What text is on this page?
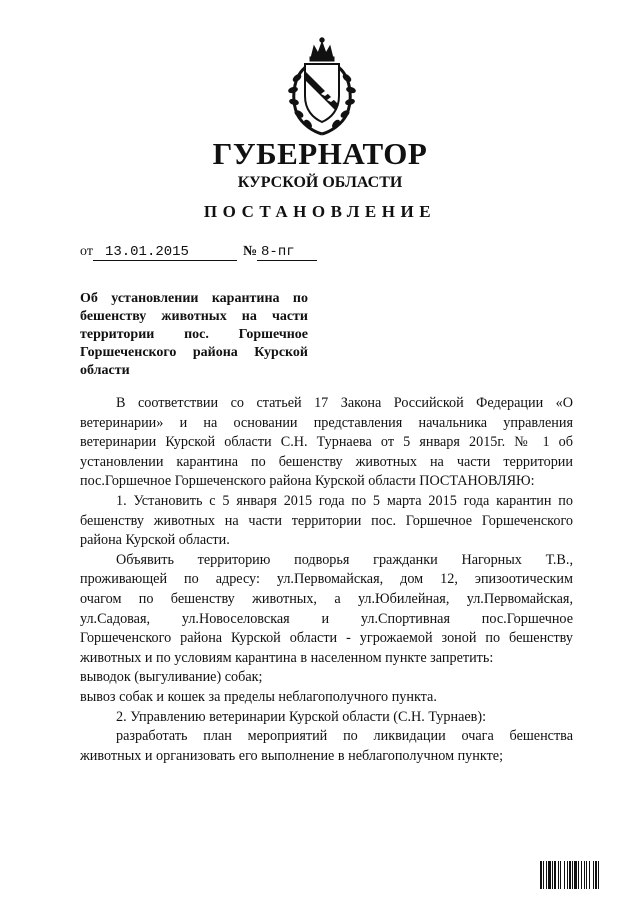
ГУБЕРНАТОР
КУРСКОЙ ОБЛАСТИ
ПОСТАНОВЛЕНИЕ
от 13.01.2015	№ 8-пг
Об установлении карантина по
бешенству животных на части
территории пос. Горшечное
Горшеченского района Курской
области
В соответствии со статьей 17 Закона Российской Федерации «О
ветеринарии» и на основании представления начальника управления
ветеринарии Курской области С.Н. Турнаева от 5 января 2015г. № 1 об
установлении карантина по бешенству животных на части территории
пос.Горшечное Горшеченского района Курской области ПОСТАНОВЛЯЮ:
1. Установить с 5 января 2015 года по 5 марта 2015 года карантин по
бешенству животных на части территории пос. Горшечное Горшеченского
района Курской области.
Объявить территорию подворья гражданки Нагорных Т.В.,
проживающей по адресу: ул.Первомайская, дом 12, эпизоотическим
очагом по бешенству животных, а ул.Юбилейная, ул.Первомайская,
ул.Садовая, ул.Новоселовская и ул.Спортивная пос.Горшечное
Горшеченского района Курской области - угрожаемой зоной по бешенству
животных и по условиям карантина в населенном пункте запретить:
выводок (выгуливание) собак;
вывоз собак и кошек за пределы неблагополучного пункта.
2. Управлению ветеринарии Курской области (С.Н. Турнаев):
разработать план мероприятий по ликвидации очага бешенства
животных и организовать его выполнение в неблагополучном пункте;
